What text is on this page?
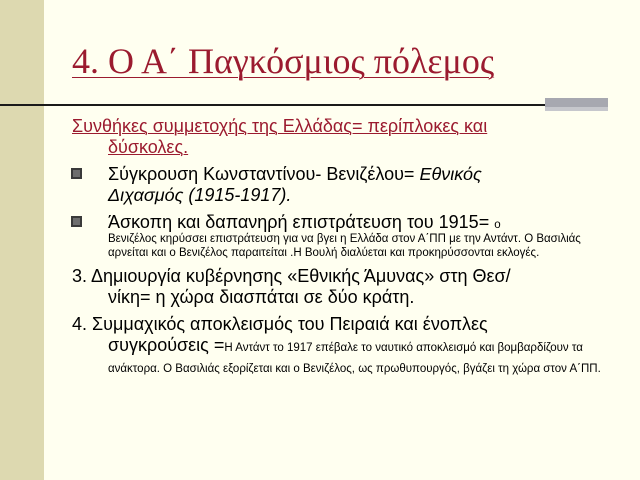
4. Ο Α΄ Παγκόσμιος πόλεμος
Συνθήκες συμμετοχής της Ελλάδας= περίπλοκες και
δύσκολες.
Σύγκρουση Κωνσταντίνου- Βενιζέλου= Εθνικός
Διχασμός (1915-1917).
Άσκοπη και δαπανηρή επιστράτευση του 1915= ο
Βενιζέλος κηρύσσει επιστράτευση για να βγει η Ελλάδα στον Α΄ΠΠ με την Αντάντ. Ο Βασιλιάς αρνείται και ο Βενιζέλος παραιτείται .Η Βουλή διαλύεται και προκηρύσσονται εκλογές.
3. Δημιουργία κυβέρνησης «Εθνικής Άμυνας» στη Θεσ/
νίκη= η χώρα διασπάται σε δύο κράτη.
4. Συμμαχικός αποκλεισμός του Πειραιά και ένοπλες
συγκρούσεις =Η Αντάντ το 1917 επέβαλε το ναυτικό αποκλεισμό και βομβαρδίζουν τα ανάκτορα. Ο Βασιλιάς εξορίζεται και ο Βενιζέλος, ως πρωθυπουργός, βγάζει τη χώρα στον Α΄ΠΠ.
